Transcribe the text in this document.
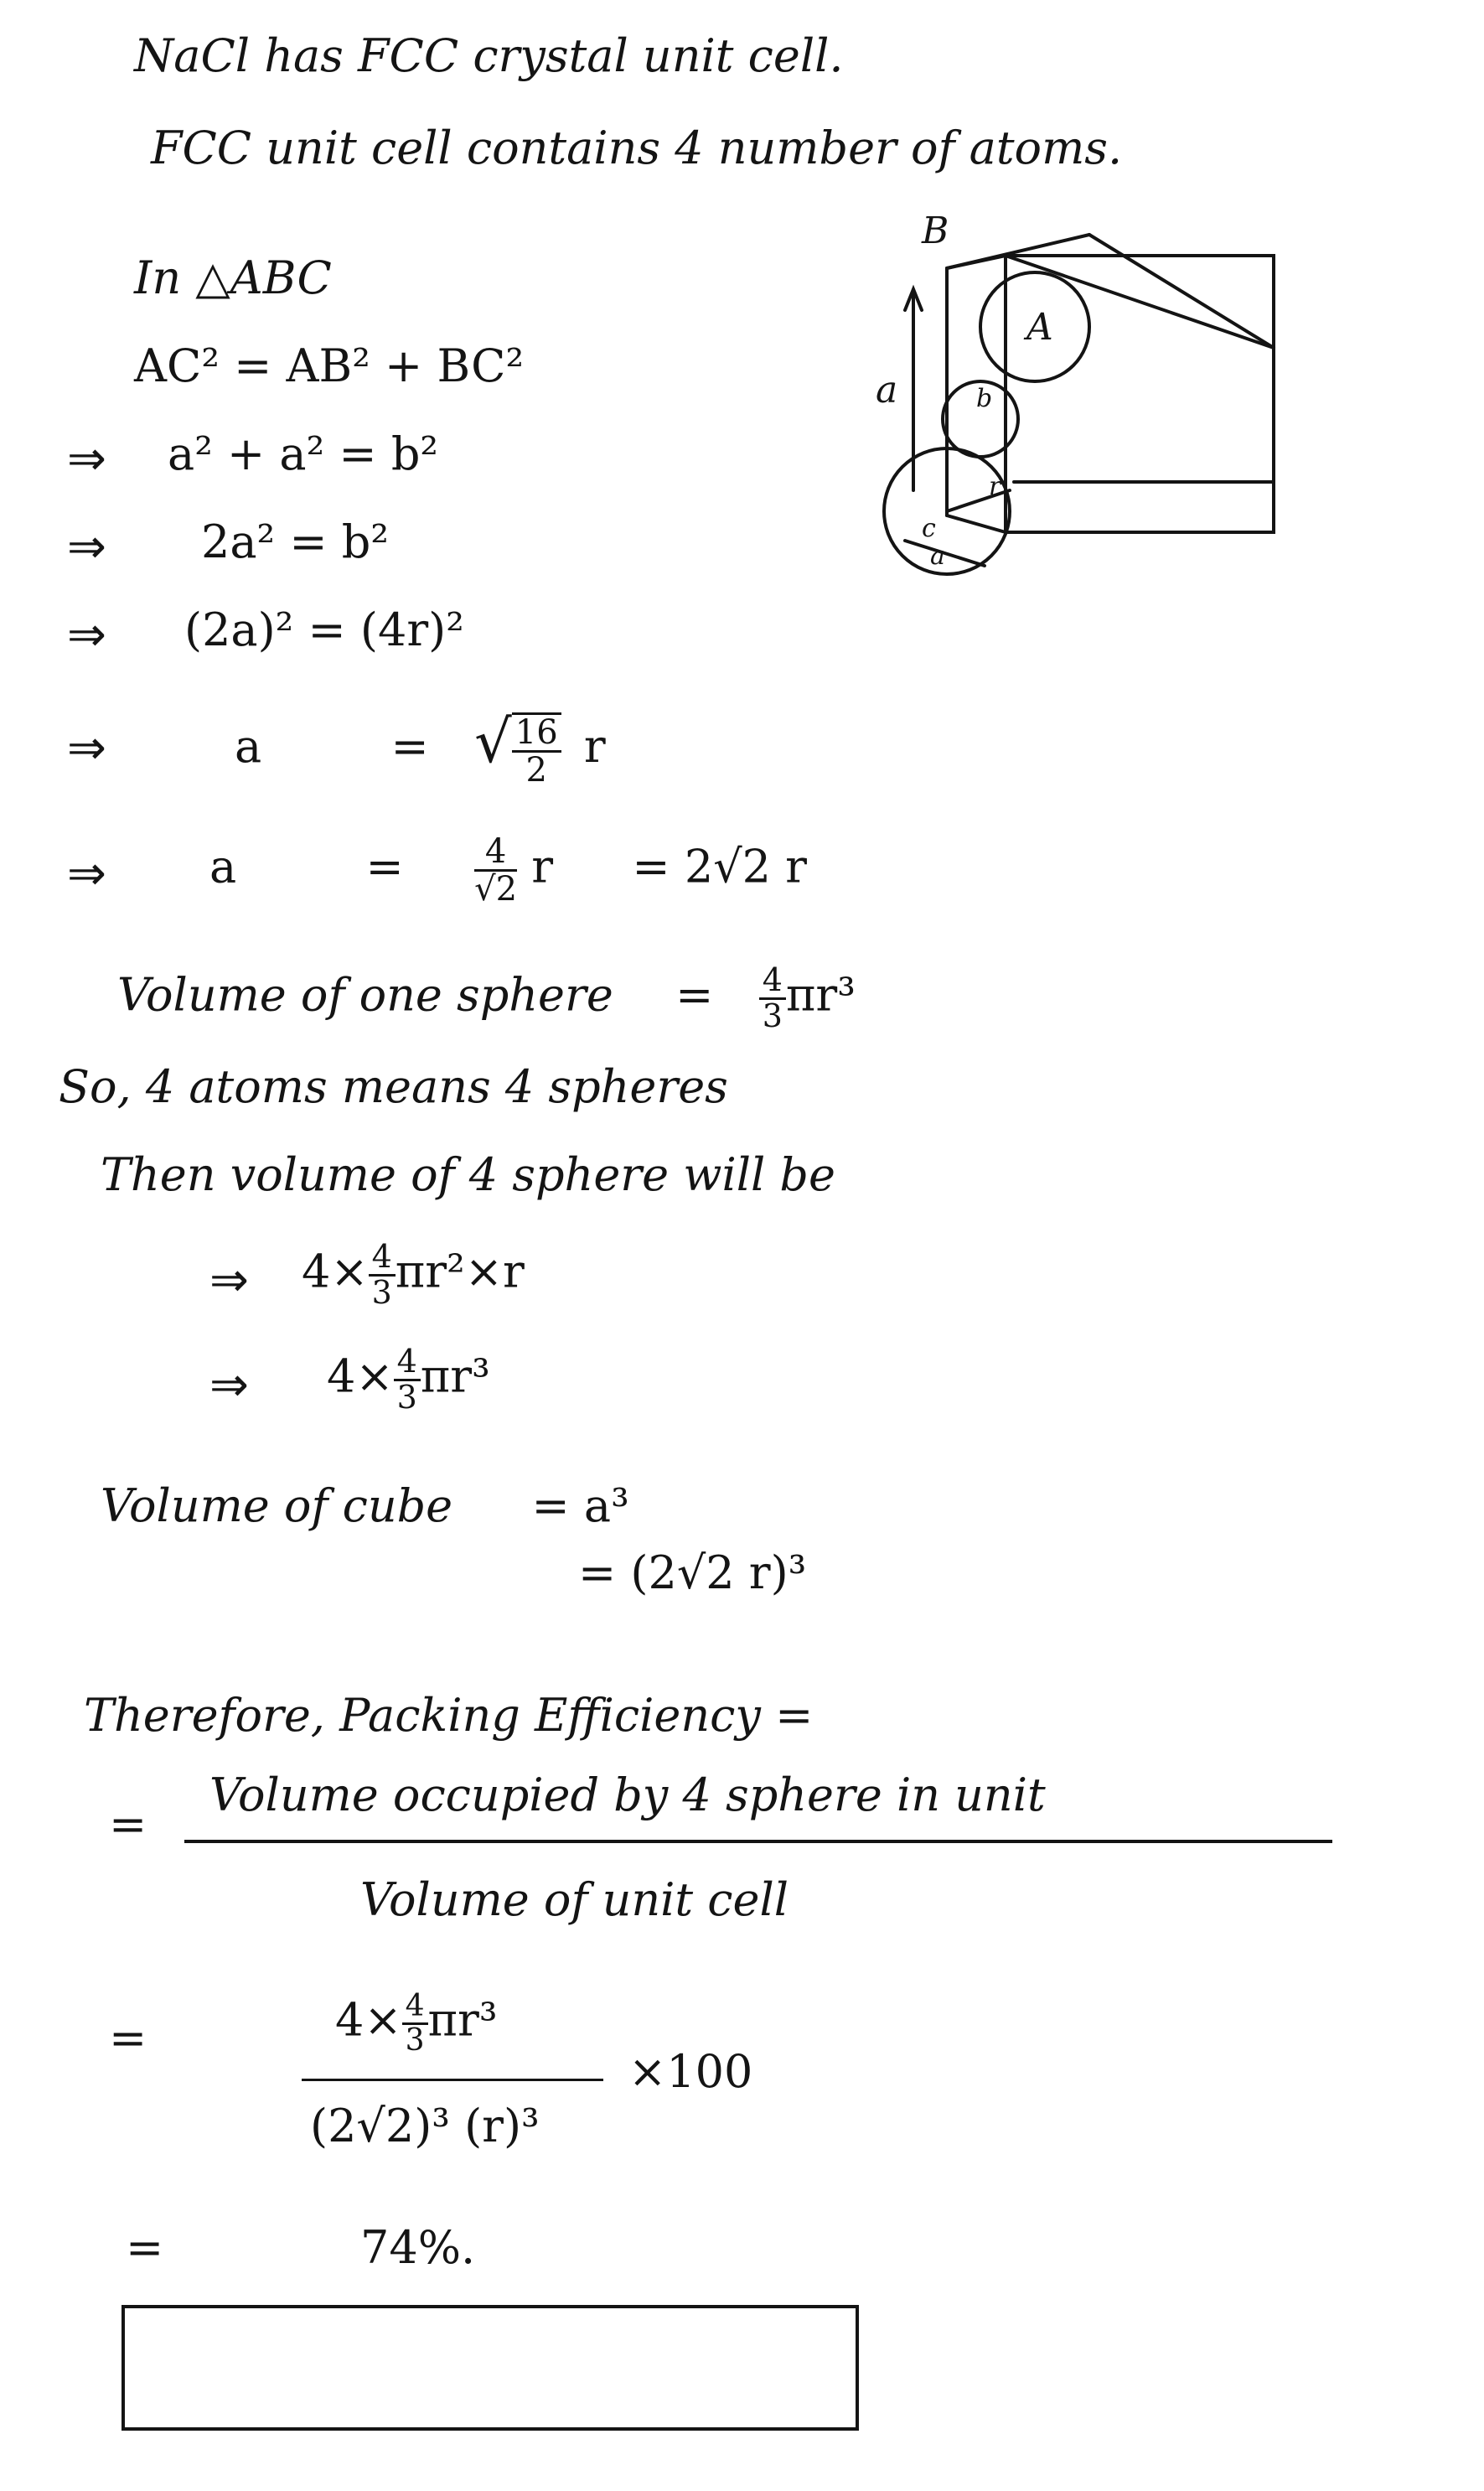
NaCl has FCC crystal unit cell.
FCC unit cell contains 4 number of atoms.
In △ABC
AC² = AB² + BC²
⇒ a² + a² = b²
⇒ 2a² = b²
⇒ (2a)² = (4r)²
⇒	a	= √ $\frac{16}{2}$ r
⇒ a	= $\frac{4}{√2}$ r = 2√2 r
Volume of one sphere = $\frac{4}{3} \pi r^3$
So, 4 atoms means 4 spheres
Then volume of 4 sphere will be
⇒ $4\times \frac{4}{3} \pi r^2\times r$
⇒ $4\times \frac{4}{3} \pi r^3$
Volume of cube = a³
= (2√2 r)³
Therefore, Packing Efficiency =
=
Volume occupied by 4 sphere in unit
Volume of unit cell
=	$4\times \frac{4}{3} \pi r^3$
(2√2)³ (r)³
×100
=	74%.
B
A
a	b
r
c
a
